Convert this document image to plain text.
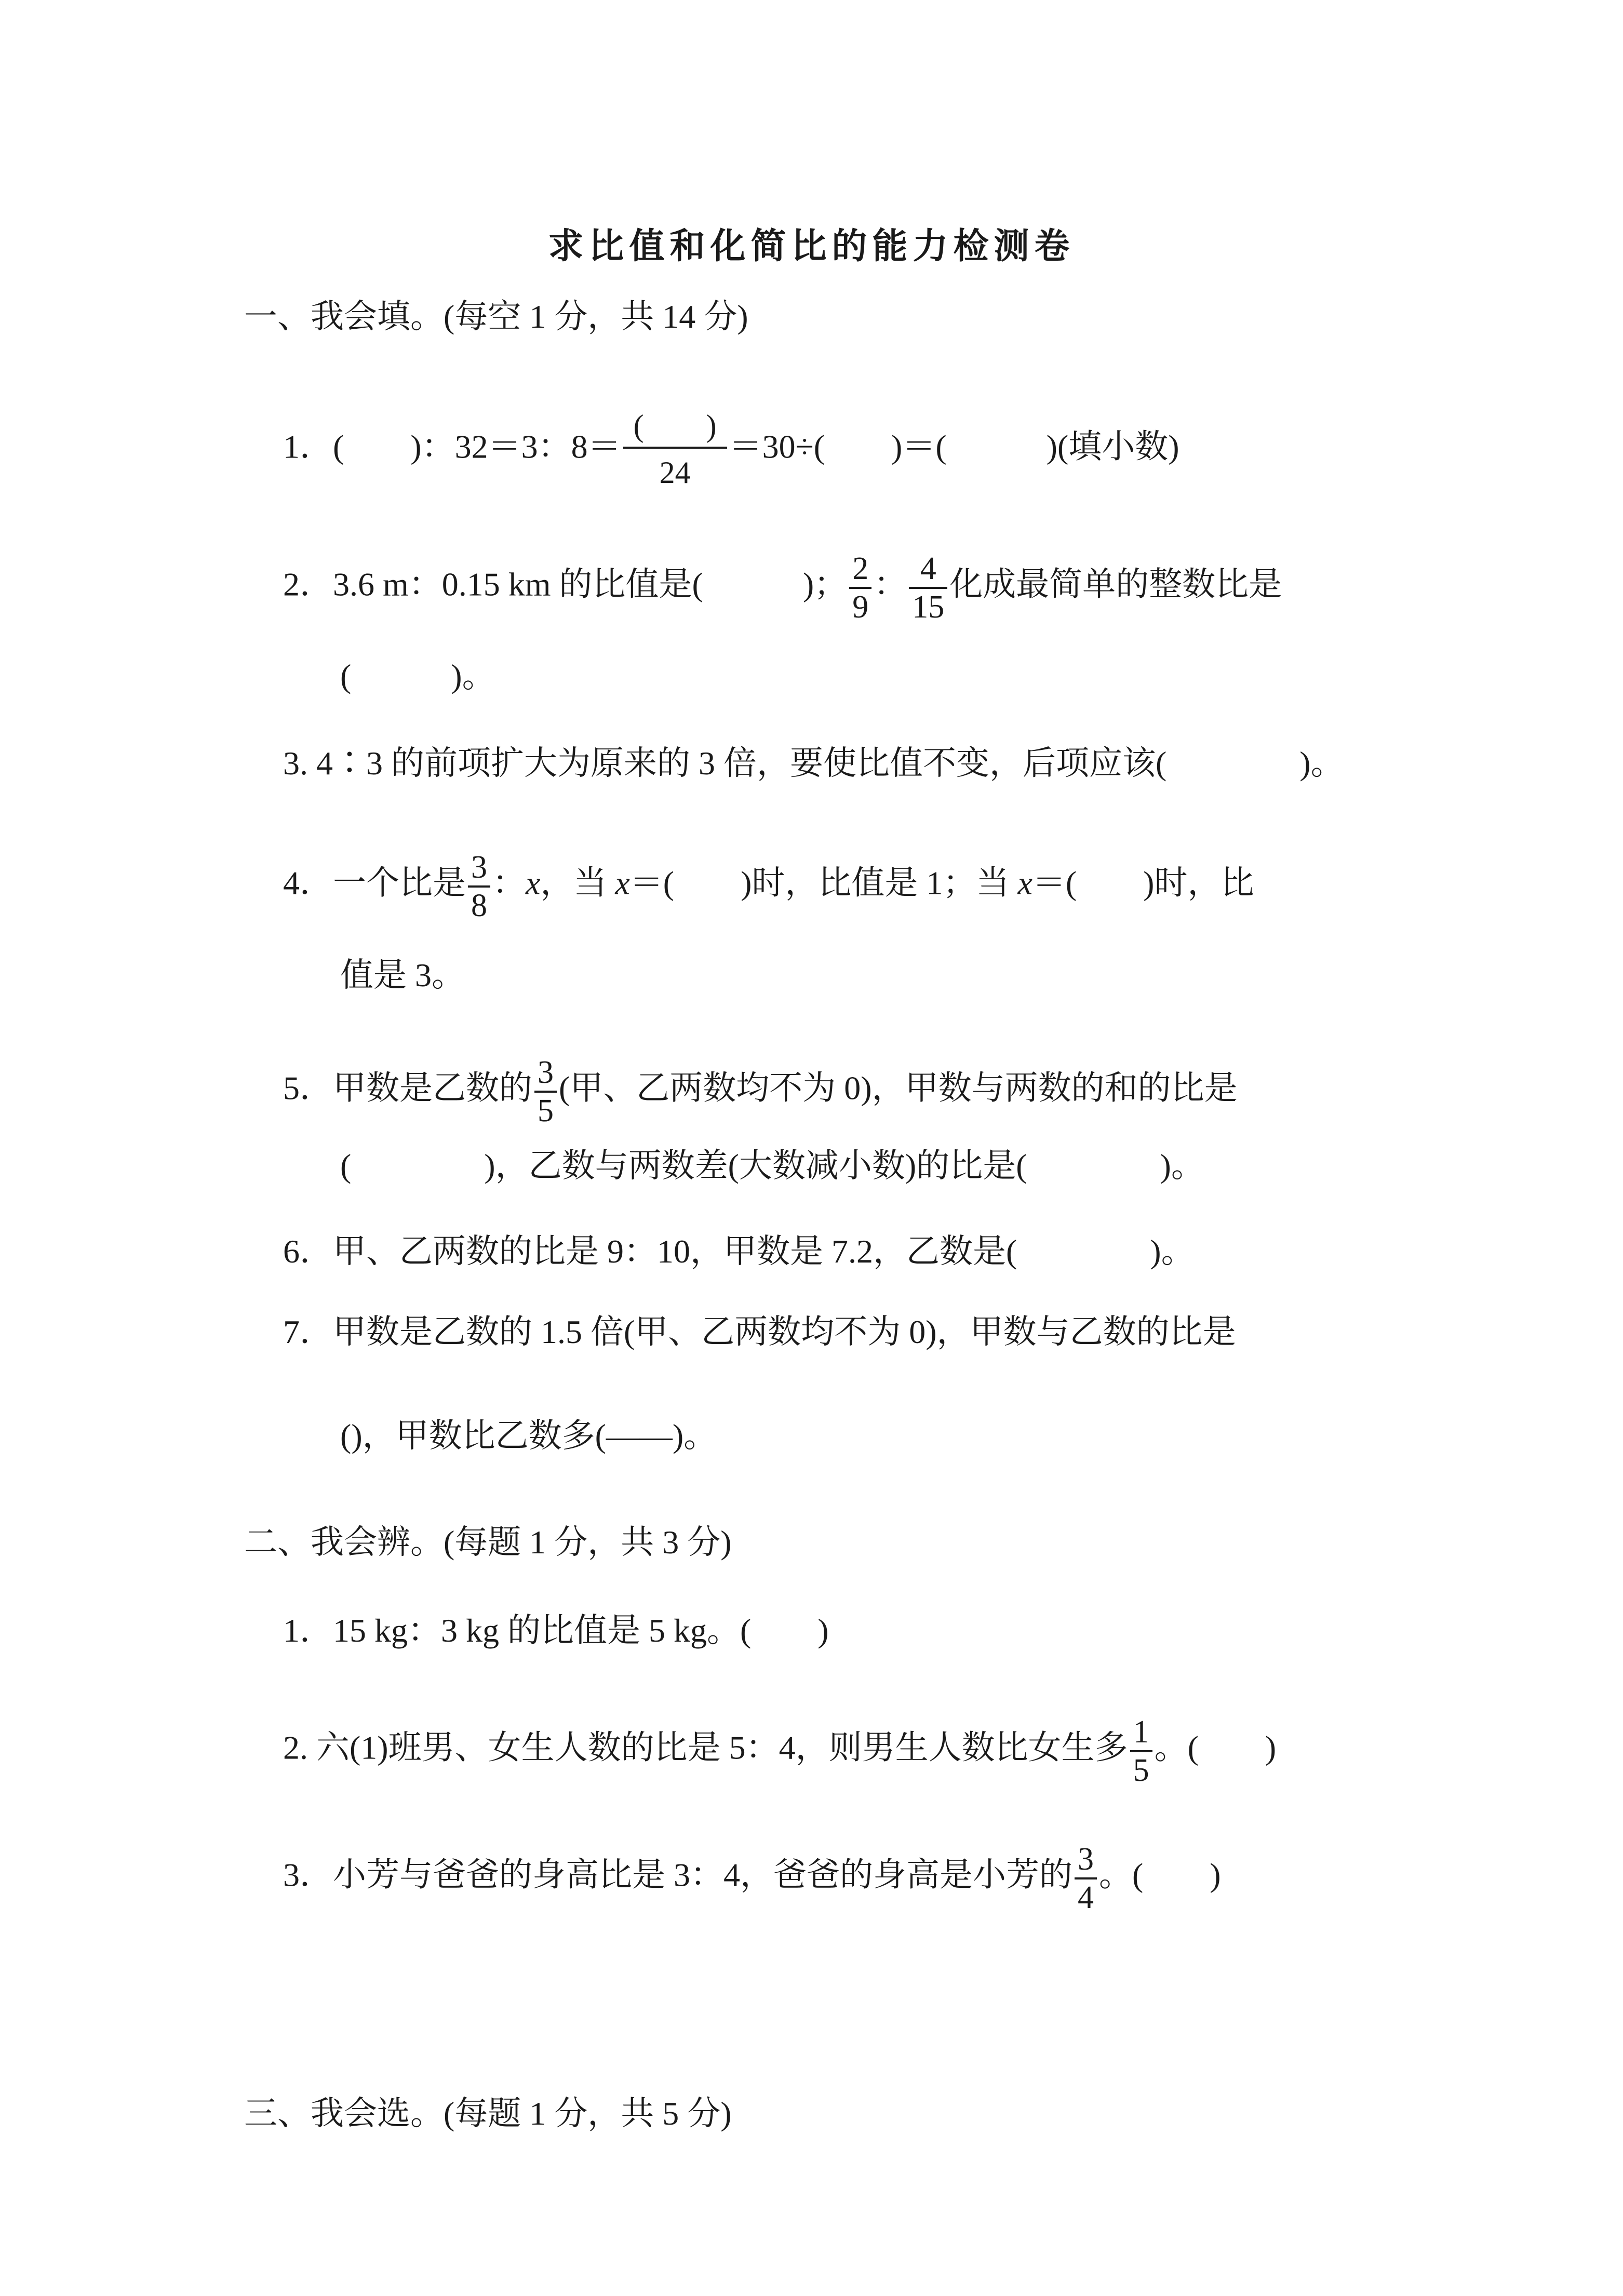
求比值和化简比的能力检测卷
一、我会填。(每空 1 分，共 14 分)
1．(　　)：32＝3：$8= \frac{( )}{24} =30\div$(　　)＝(　　　)(填小数)
2．3.6 m：0.15 km 的比值是(　　　)； $\frac{2}{9}$ ： $\frac{4}{15}$ 化成最简单的整数比是
(　　　)。
3. 4∶3 的前项扩大为原来的 3 倍，要使比值不变，后项应该(　　　　)。
4．一个比是 $\frac{3}{8}$ ：x，当 x＝(　　)时，比值是 1；当 x＝(　　)时，比
值是 3。
5．甲数是乙数的 $\frac{3}{5}$ (甲、乙两数均不为 0)，甲数与两数的和的比是
(　　　　)，乙数与两数差(大数减小数)的比是(　　　　)。
6．甲、乙两数的比是 9：10，甲数是 7.2，乙数是(　　　　)。
7．甲数是乙数的 1.5 倍(甲、乙两数均不为 0)，甲数与乙数的比是
()，甲数比乙数多(——)。
二、我会辨。(每题 1 分，共 3 分)
1．15 kg：3 kg 的比值是 5 kg。(　　)
2. 六(1)班男、女生人数的比是 5：4，则男生人数比女生多 $\frac{1}{5}$ 。(　　)
3．小芳与爸爸的身高比是 3：4，爸爸的身高是小芳的 $\frac{3}{4}$ 。(　　)
三、我会选。(每题 1 分，共 5 分)
